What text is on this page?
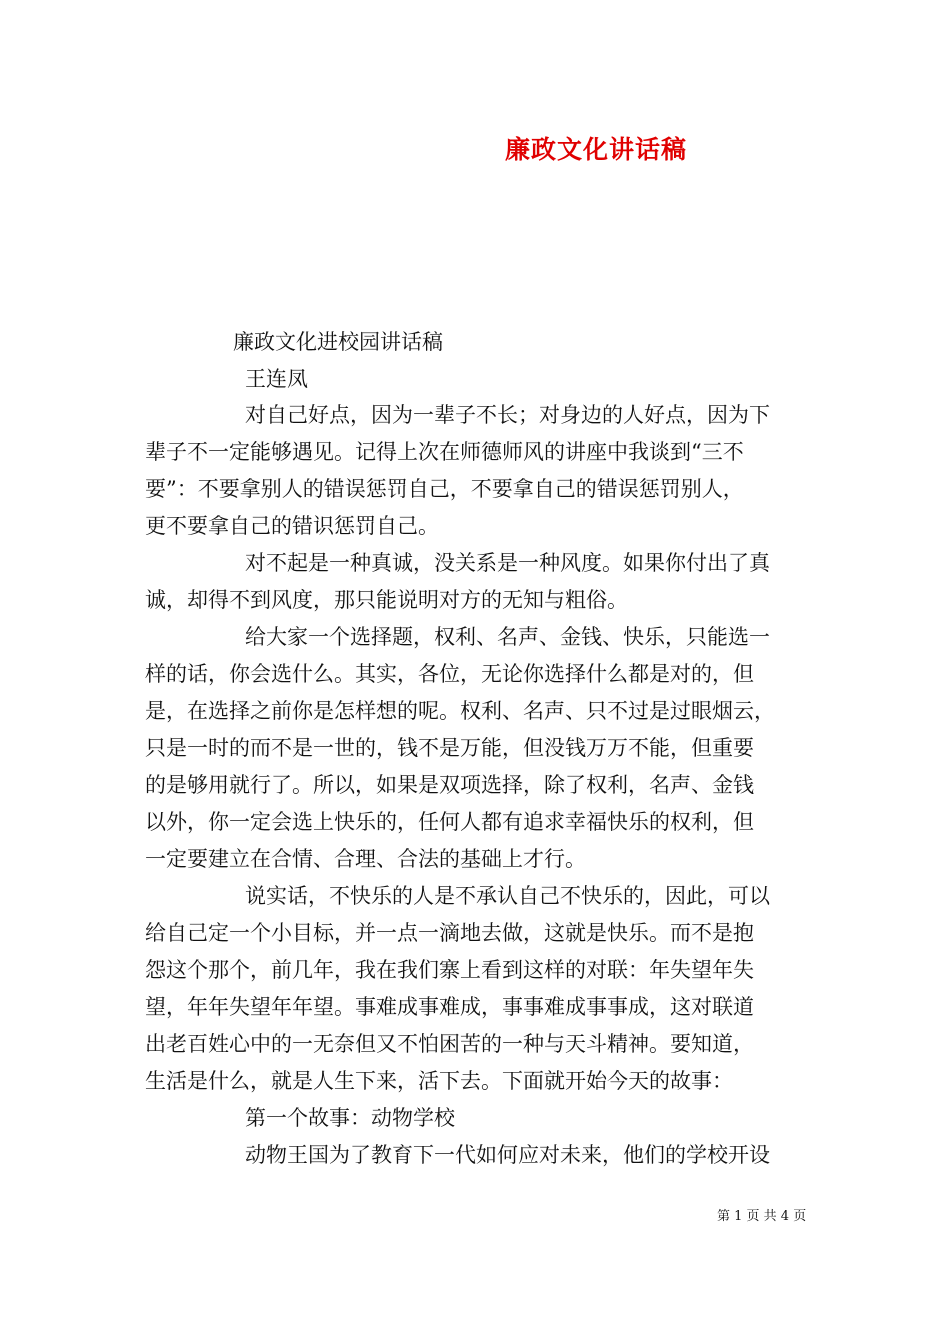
廉政文化讲话稿

廉政文化进校园讲话稿

王连凤

对自己好点，因为一辈子不长；对身边的人好点，因为下

辈子不一定能够遇见。记得上次在师德师风的讲座中我谈到“三不

要”：不要拿别人的错误惩罚自己，不要拿自己的错误惩罚别人，

更不要拿自己的错识惩罚自己。

对不起是一种真诚，没关系是一种风度。如果你付出了真

诚，却得不到风度，那只能说明对方的无知与粗俗。

给大家一个选择题，权利、名声、金钱、快乐，只能选一

样的话，你会选什么。其实，各位，无论你选择什么都是对的，但

是，在选择之前你是怎样想的呢。权利、名声、只不过是过眼烟云，

只是一时的而不是一世的，钱不是万能，但没钱万万不能，但重要

的是够用就行了。所以，如果是双项选择，除了权利，名声、金钱

以外，你一定会选上快乐的，任何人都有追求幸福快乐的权利，但

一定要建立在合情、合理、合法的基础上才行。

说实话，不快乐的人是不承认自己不快乐的，因此，可以

给自己定一个小目标，并一点一滴地去做，这就是快乐。而不是抱

怨这个那个，前几年，我在我们寨上看到这样的对联：年失望年失

望，年年失望年年望。事难成事难成，事事难成事事成，这对联道

出老百姓心中的一无奈但又不怕困苦的一种与天斗精神。要知道，

生活是什么，就是人生下来，活下去。下面就开始今天的故事：

第一个故事：动物学校

动物王国为了教育下一代如何应对未来，他们的学校开设

第 1 页 共 4 页
